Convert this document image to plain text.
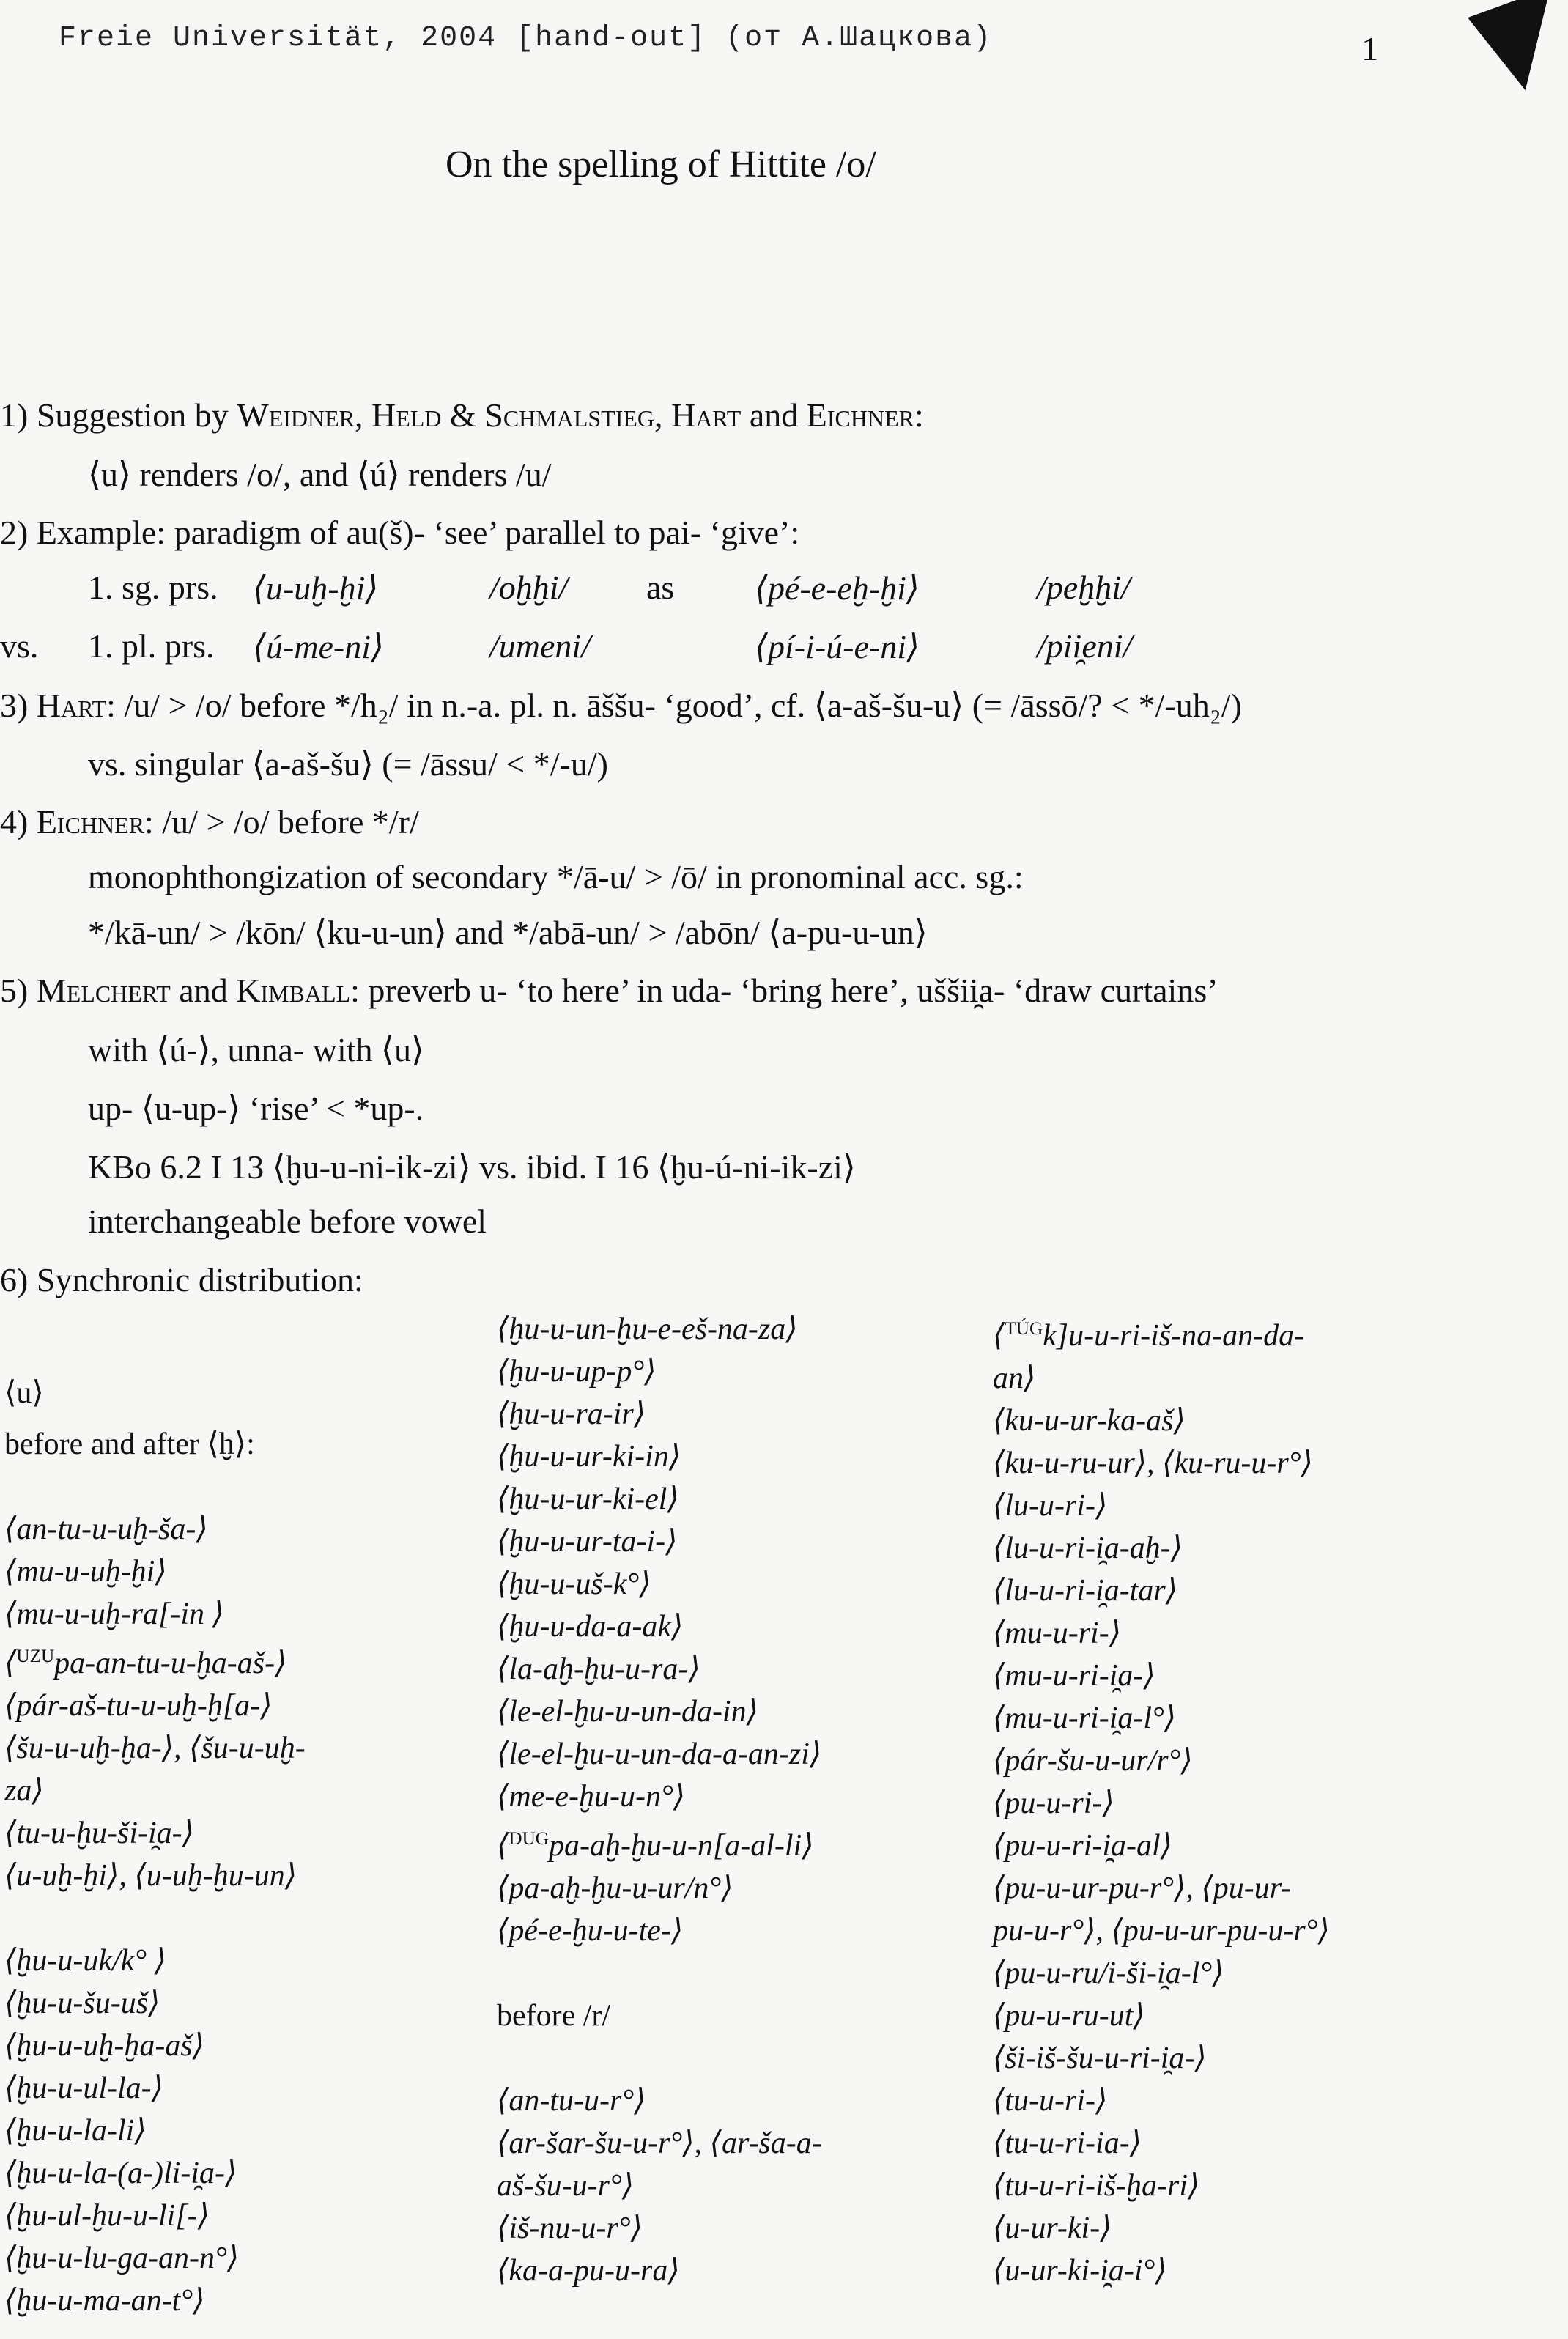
Freie Universität, 2004 [hand-out] (от А.Шацкова)	1
On the spelling of Hittite /o/
1) Suggestion by Weidner, Held & Schmalstieg, Hart and Eichner:
⟨u⟩ renders /o/, and ⟨ú⟩ renders /u/
2) Example: paradigm of au(š)- ‘see’ parallel to pai- ‘give’:
1. sg. prs. ⟨u-uḫ-ḫi⟩	/oḫḫi/ as ⟨pé-e-eḫ-ḫi⟩	/peḫḫi/
vs. 1. pl. prs. ⟨ú-me-ni⟩	/umeni/	⟨pí-i-ú-e-ni⟩	/pii̯eni/
3) Hart: /u/ > /o/ before */h₂/ in n.-a. pl. n. āššu- ‘good’, cf. ⟨a-aš-šu-u⟩ (= /āssō/? < */-uh₂/)
vs. singular ⟨a-aš-šu⟩ (= /āssu/ < */-u/)
4) Eichner: /u/ > /o/ before */r/
monophthongization of secondary */ā-u/ > /ō/ in pronominal acc. sg.:
*/kā-un/ > /kōn/ ⟨ku-u-un⟩ and */abā-un/ > /abōn/ ⟨a-pu-u-un⟩
5) Melchert and Kimball: preverb u- ‘to here’ in uda- ‘bring here’, uššii̯a- ‘draw curtains’
with ⟨ú-⟩, unna- with ⟨u⟩
up- ⟨u-up-⟩ ‘rise’ < *up-.
KBo 6.2 I 13 ⟨ḫu-u-ni-ik-zi⟩ vs. ibid. I 16 ⟨ḫu-ú-ni-ik-zi⟩
interchangeable before vowel
6) Synchronic distribution:
⟨u⟩
before and after ⟨ḫ⟩:
⟨an-tu-u-uḫ-ša-⟩
⟨mu-u-uḫ-ḫi⟩
⟨mu-u-uḫ-ra[-in ⟩
⟨$^{UZU}$pa-an-tu-u-ḫa-aš-⟩
⟨pár-aš-tu-u-uḫ-ḫ[a-⟩
⟨šu-u-uḫ-ḫa-⟩, ⟨šu-u-uḫ-
za⟩
⟨tu-u-ḫu-ši-i̯a-⟩
⟨u-uḫ-ḫi⟩, ⟨u-uḫ-ḫu-un⟩
⟨ḫu-u-uk/k° ⟩
⟨ḫu-u-šu-uš⟩
⟨ḫu-u-uḫ-ḫa-aš⟩
⟨ḫu-u-ul-la-⟩
⟨ḫu-u-la-li⟩
⟨ḫu-u-la-(a-)li-i̯a-⟩
⟨ḫu-ul-ḫu-u-li[-⟩
⟨ḫu-u-lu-ga-an-n°⟩
⟨ḫu-u-ma-an-t°⟩
⟨ḫu-u-un-ḫu-e-eš-na-za⟩
⟨ḫu-u-up-p°⟩
⟨ḫu-u-ra-ir⟩
⟨ḫu-u-ur-ki-in⟩
⟨ḫu-u-ur-ki-el⟩
⟨ḫu-u-ur-ta-i-⟩
⟨ḫu-u-uš-k°⟩
⟨ḫu-u-da-a-ak⟩
⟨la-aḫ-ḫu-u-ra-⟩
⟨le-el-ḫu-u-un-da-in⟩
⟨le-el-ḫu-u-un-da-a-an-zi⟩
⟨me-e-ḫu-u-n°⟩
⟨$^{DUG}$pa-aḫ-ḫu-u-n[a-al-li⟩
⟨pa-aḫ-ḫu-u-ur/n°⟩
⟨pé-e-ḫu-u-te-⟩
before /r/
⟨an-tu-u-r°⟩
⟨ar-šar-šu-u-r°⟩, ⟨ar-ša-a-
aš-šu-u-r°⟩
⟨iš-nu-u-r°⟩
⟨ka-a-pu-u-ra⟩
⟨$^{TÚG}$k]u-u-ri-iš-na-an-da-
an⟩
⟨ku-u-ur-ka-aš⟩
⟨ku-u-ru-ur⟩, ⟨ku-ru-u-r°⟩
⟨lu-u-ri-⟩
⟨lu-u-ri-i̯a-aḫ-⟩
⟨lu-u-ri-i̯a-tar⟩
⟨mu-u-ri-⟩
⟨mu-u-ri-i̯a-⟩
⟨mu-u-ri-i̯a-l°⟩
⟨pár-šu-u-ur/r°⟩
⟨pu-u-ri-⟩
⟨pu-u-ri-i̯a-al⟩
⟨pu-u-ur-pu-r°⟩, ⟨pu-ur-
pu-u-r°⟩, ⟨pu-u-ur-pu-u-r°⟩
⟨pu-u-ru/i-ši-i̯a-l°⟩
⟨pu-u-ru-ut⟩
⟨ši-iš-šu-u-ri-i̯a-⟩
⟨tu-u-ri-⟩
⟨tu-u-ri-ia-⟩
⟨tu-u-ri-iš-ḫa-ri⟩
⟨u-ur-ki-⟩
⟨u-ur-ki-i̯a-i°⟩
